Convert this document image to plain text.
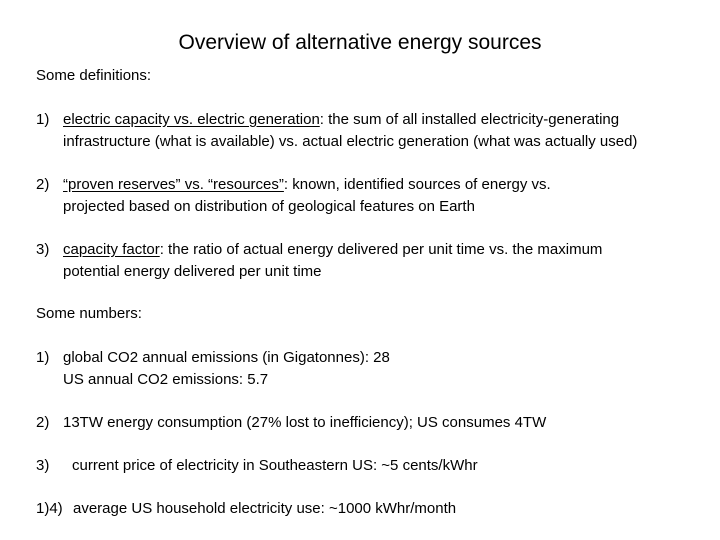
Overview of alternative energy sources
Some definitions:
1) electric capacity vs. electric generation: the sum of all installed electricity-generating
infrastructure (what is available) vs. actual electric generation (what was actually used)
2) “proven reserves” vs. “resources”: known, identified sources of energy vs.
projected based on distribution of geological features on Earth
3) capacity factor: the ratio of actual energy delivered per unit time vs. the maximum
potential energy delivered per unit time
Some numbers:
1) global CO2 annual emissions (in Gigatonnes): 28
US annual CO2 emissions: 5.7
2) 13TW energy consumption (27% lost to inefficiency); US consumes 4TW
3) current price of electricity in Southeastern US: ~5 cents/kWhr
1)4) average US household electricity use: ~1000 kWhr/month
